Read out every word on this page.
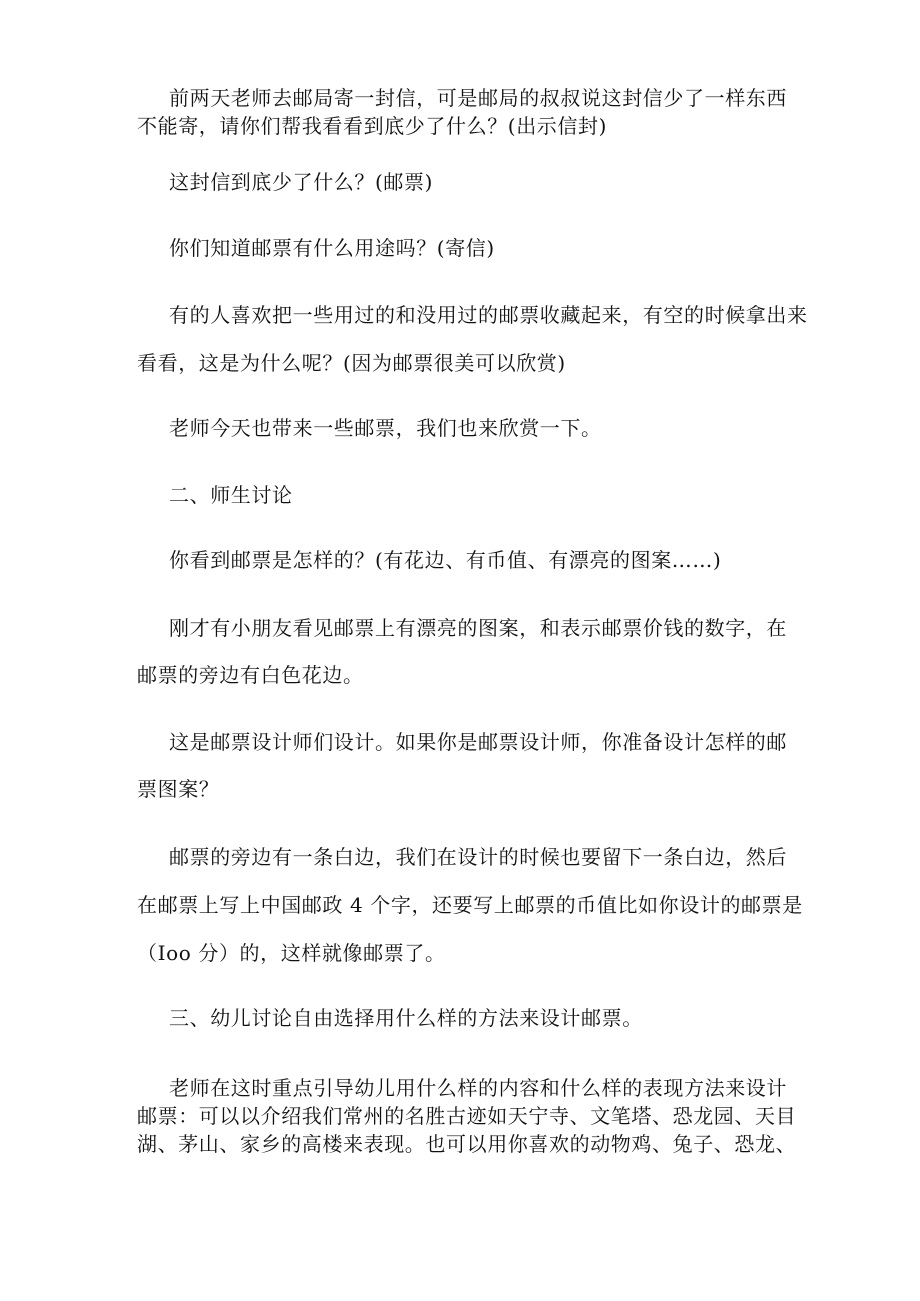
前两天老师去邮局寄一封信，可是邮局的叔叔说这封信少了一样东西
不能寄，请你们帮我看看到底少了什么？(出示信封)
这封信到底少了什么？(邮票)
你们知道邮票有什么用途吗？(寄信)
有的人喜欢把一些用过的和没用过的邮票收藏起来，有空的时候拿出来
看看，这是为什么呢？(因为邮票很美可以欣赏)
老师今天也带来一些邮票，我们也来欣赏一下。
二、师生讨论
你看到邮票是怎样的？(有花边、有币值、有漂亮的图案……)
刚才有小朋友看见邮票上有漂亮的图案，和表示邮票价钱的数字，在
邮票的旁边有白色花边。
这是邮票设计师们设计。如果你是邮票设计师，你准备设计怎样的邮
票图案？
邮票的旁边有一条白边，我们在设计的时候也要留下一条白边，然后
在邮票上写上中国邮政 4 个字，还要写上邮票的币值比如你设计的邮票是
（Ioo 分）的，这样就像邮票了。
三、幼儿讨论自由选择用什么样的方法来设计邮票。
老师在这时重点引导幼儿用什么样的内容和什么样的表现方法来设计
邮票：可以以介绍我们常州的名胜古迹如天宁寺、文笔塔、恐龙园、天目
湖、茅山、家乡的高楼来表现。也可以用你喜欢的动物鸡、兔子、恐龙、
